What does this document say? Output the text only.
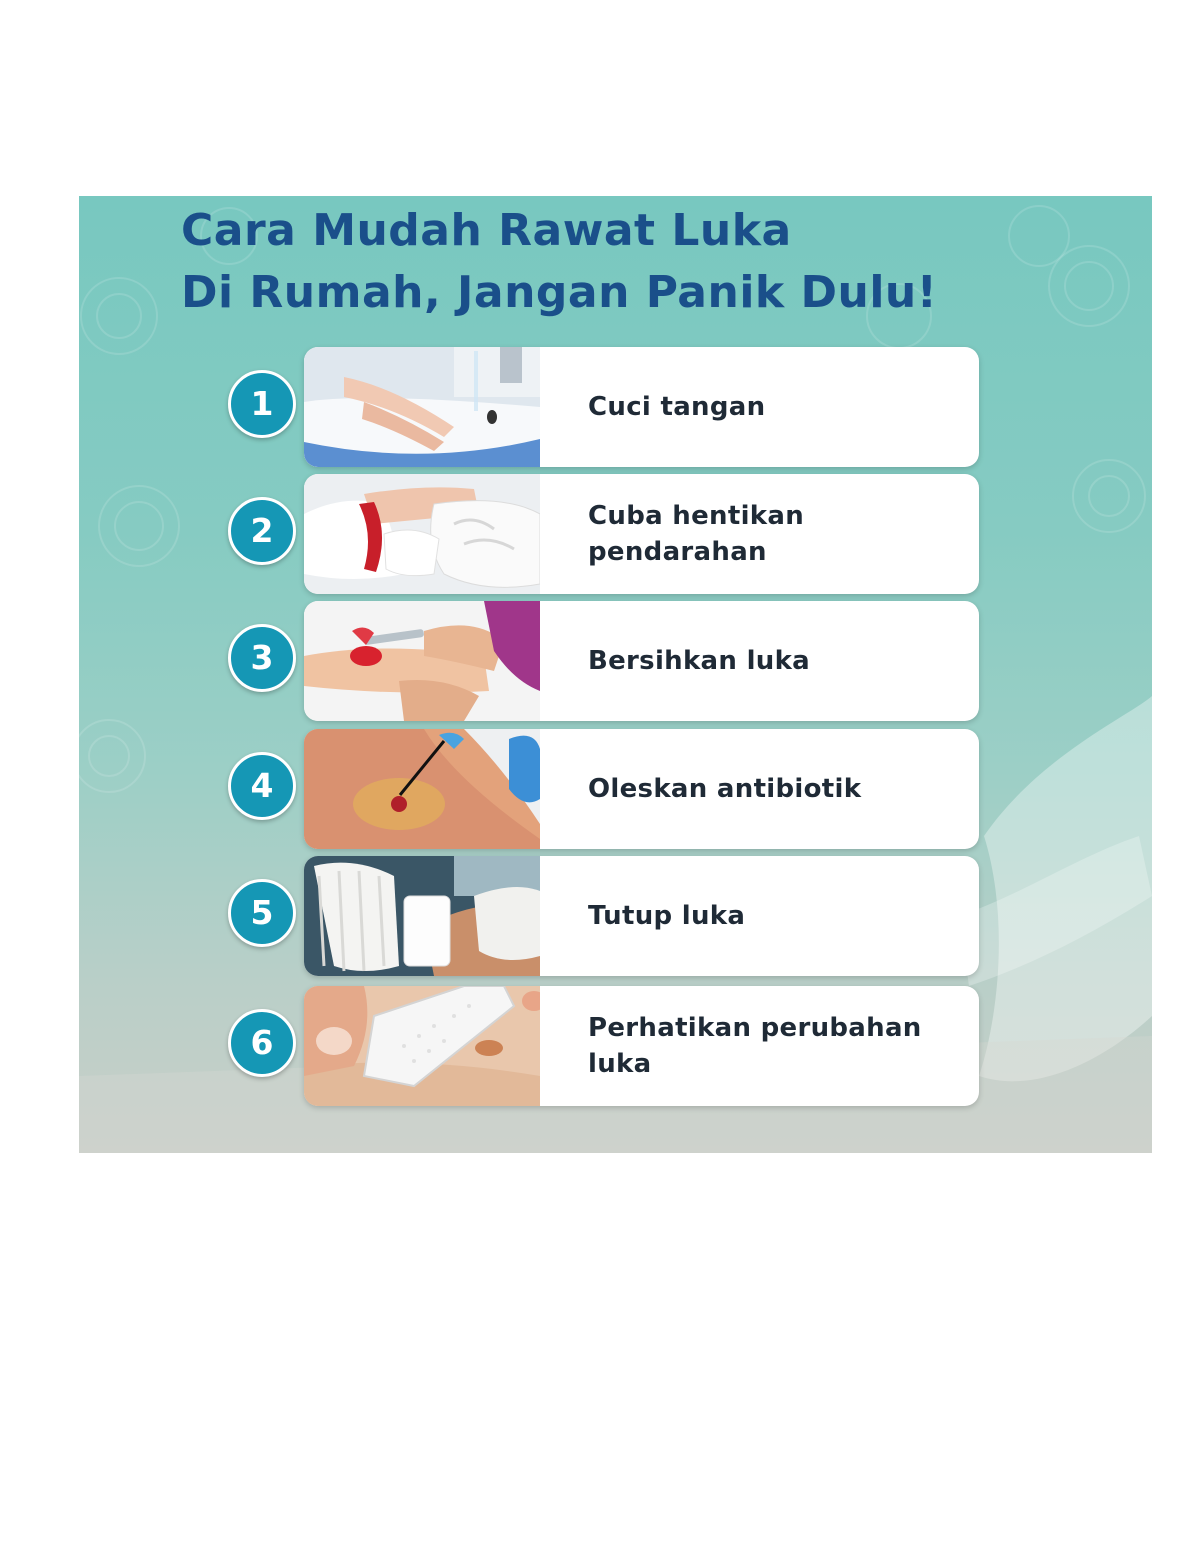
Cara Mudah Rawat Luka
Di Rumah, Jangan Panik Dulu!
1	Cuci tangan
2	Cuba hentikan pendarahan
3	Bersihkan luka
4	Oleskan antibiotik
5	Tutup luka
6	Perhatikan perubahan luka
